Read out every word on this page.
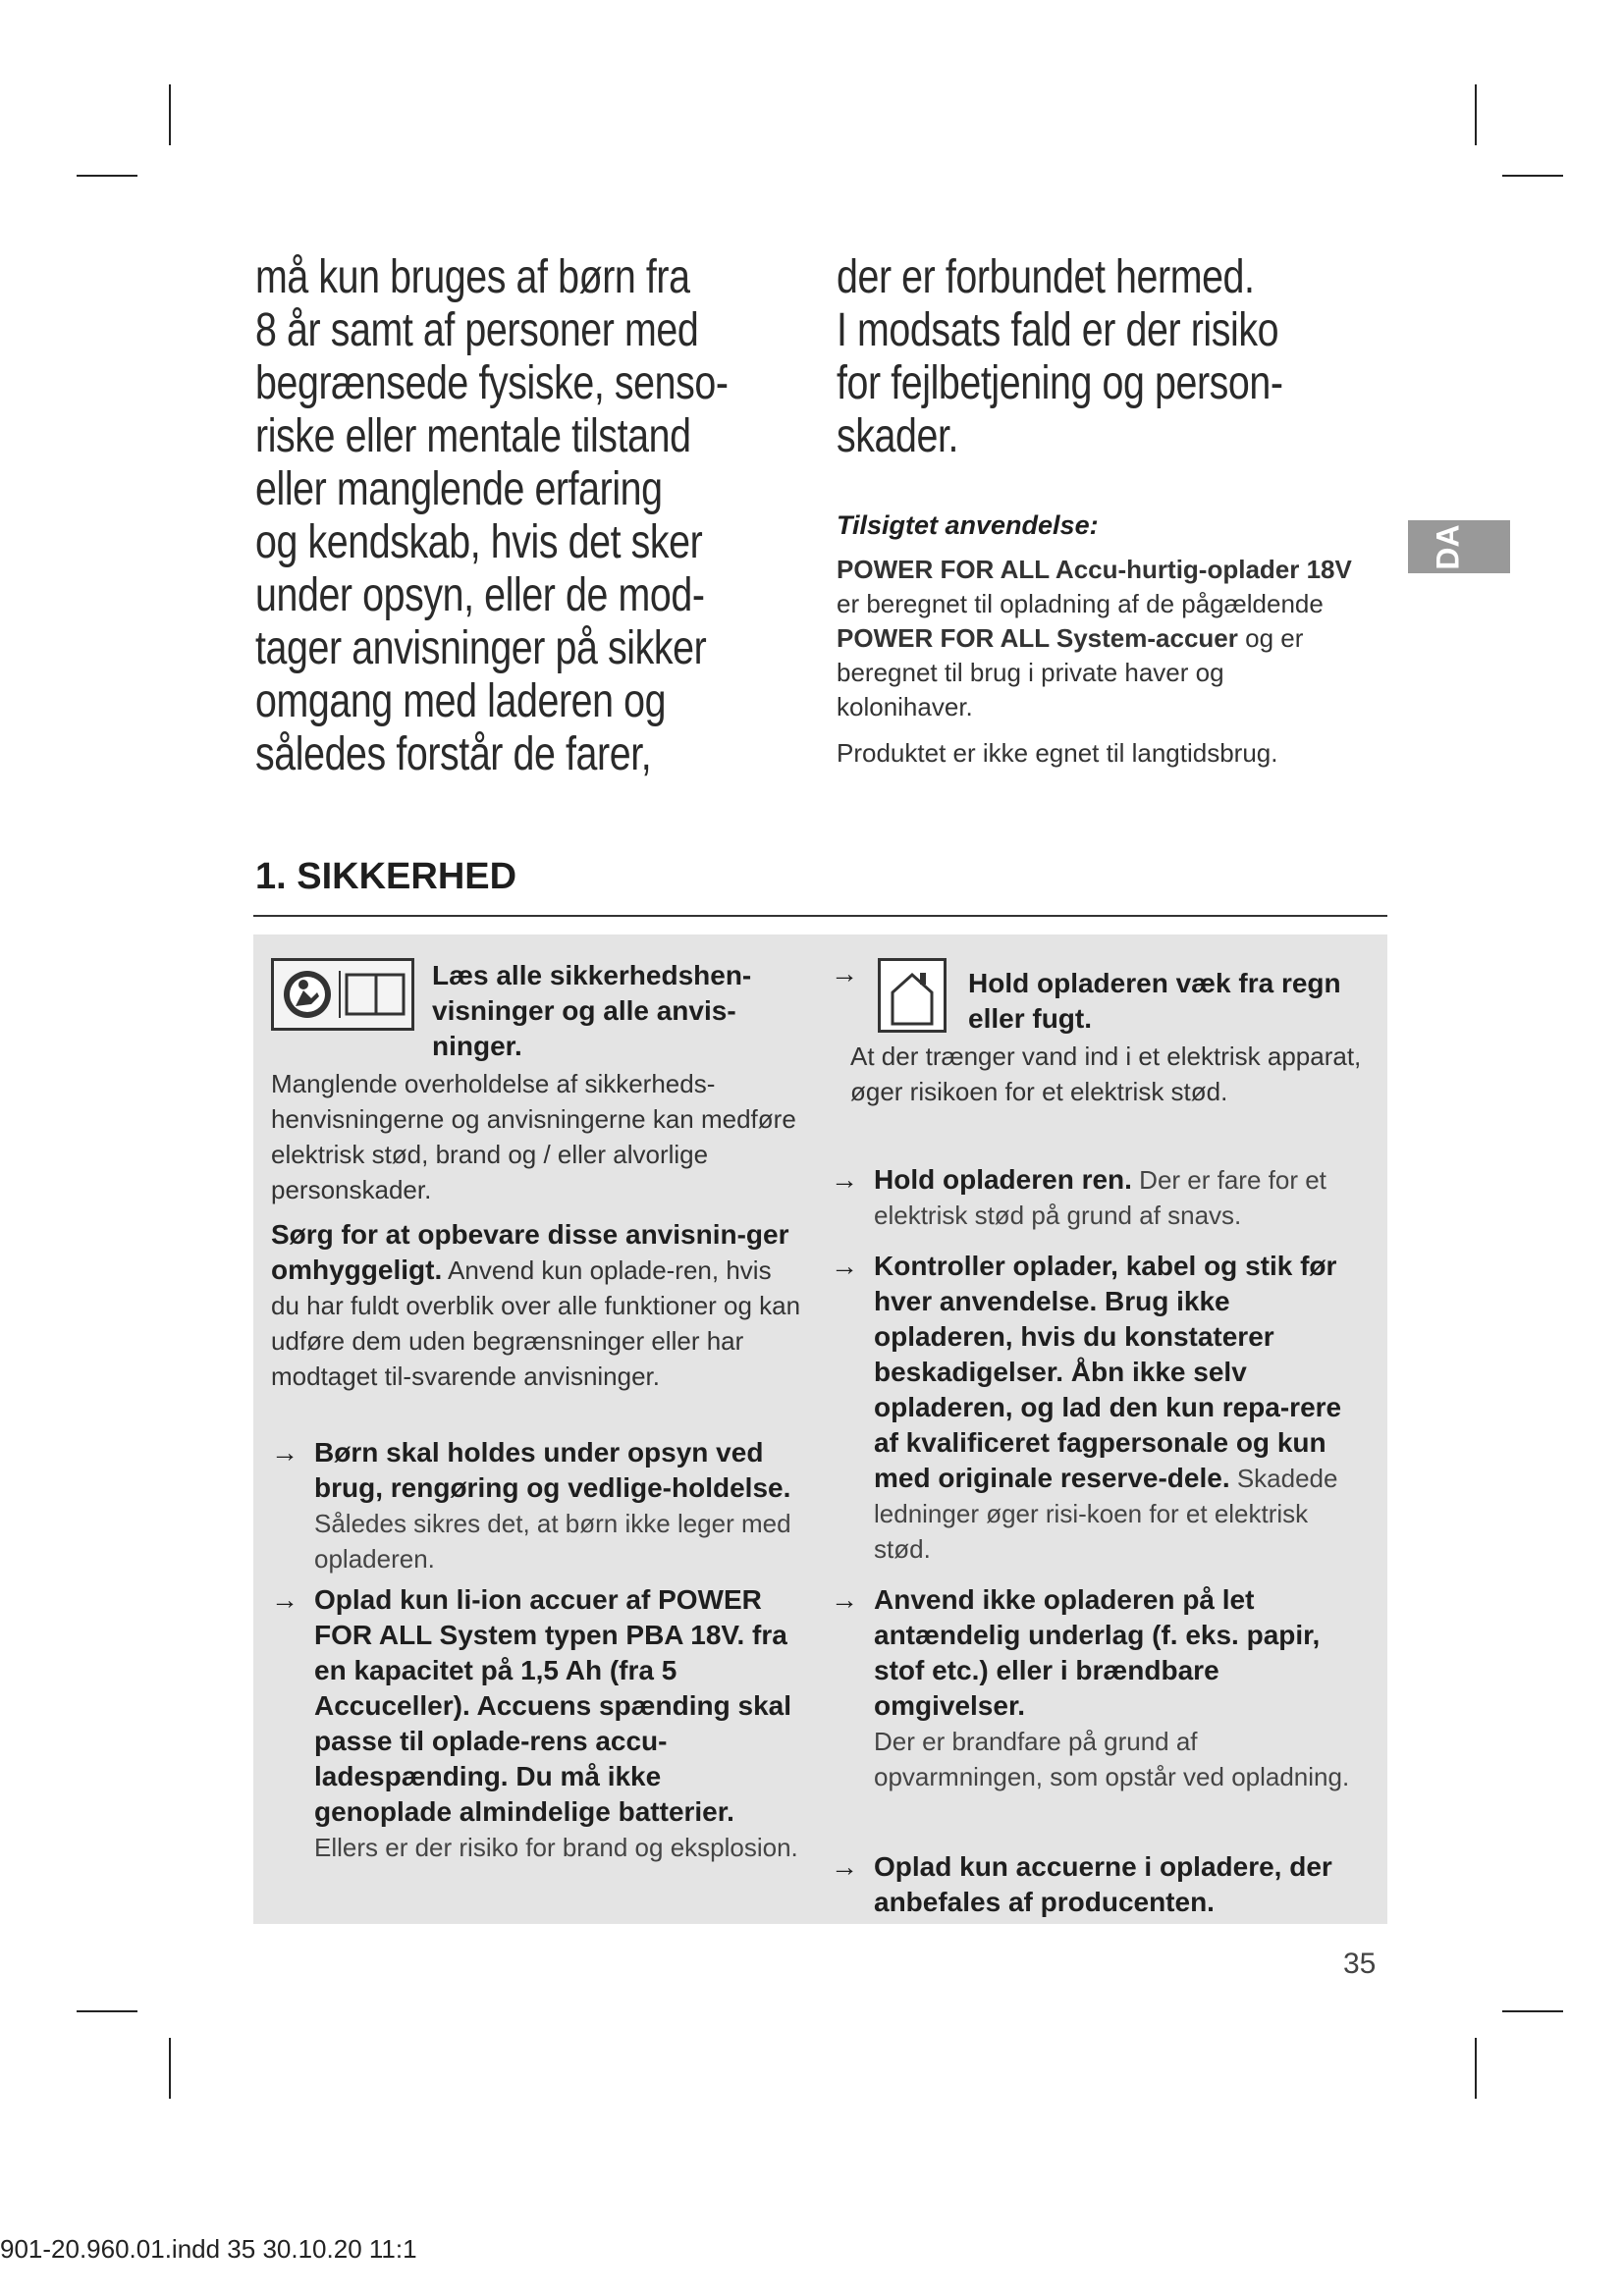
må kun bruges af børn fra

8 år samt af personer med

begrænsede fysiske, senso-

riske eller mentale tilstand

eller manglende erfaring

og kendskab, hvis det sker

under opsyn, eller de mod-

tager anvisninger på sikker

omgang med laderen og

således forstår de farer,

der er forbundet hermed.

I modsats fald er der risiko

for fejlbetjening og person-

skader.

Tilsigtet anvendelse:

POWER FOR ALL Accu-hurtig-oplader 18V er beregnet til opladning af de pågældende POWER FOR ALL System-accuer og er beregnet til brug i private haver og kolonihaver.

Produktet er ikke egnet til langtidsbrug.

DA
1. SIKKERHED
Læs alle sikkerhedshen-visninger og alle anvis-ninger.
Manglende overholdelse af sikkerheds-henvisningerne og anvisningerne kan medføre elektrisk stød, brand og / eller alvorlige personskader.
Sørg for at opbevare disse anvisnin-ger omhyggeligt. Anvend kun oplade-ren, hvis du har fuldt overblik over alle funktioner og kan udføre dem uden begrænsninger eller har modtaget til-svarende anvisninger.
→ Børn skal holdes under opsyn ved brug, rengøring og vedlige-holdelse. Således sikres det, at børn ikke leger med opladeren.
→ Oplad kun li-ion accuer af POWER FOR ALL System typen PBA 18V. fra en kapacitet på 1,5 Ah (fra 5 Accuceller). Accuens spænding skal passe til oplade-rens accu-ladespænding. Du må ikke genoplade almindelige batterier. Ellers er der risiko for brand og eksplosion.
→	Hold opladeren væk fra regn eller fugt.
At der trænger vand ind i et elektrisk apparat, øger risikoen for et elektrisk stød.
→ Hold opladeren ren. Der er fare for et elektrisk stød på grund af snavs.
→ Kontroller oplader, kabel og stik før hver anvendelse. Brug ikke opladeren, hvis du konstaterer beskadigelser. Åbn ikke selv opladeren, og lad den kun repa-rere af kvalificeret fagpersonale og kun med originale reserve-dele. Skadede ledninger øger risi-koen for et elektrisk stød.
→ Anvend ikke opladeren på let antændelig underlag (f. eks. papir, stof etc.) eller i brændbare omgivelser.
Der er brandfare på grund af opvarmningen, som opstår ved opladning.
→ Oplad kun accuerne i opladere, der anbefales af producenten.
35
901-20.960.01.indd 35 30.10.20 11:1
